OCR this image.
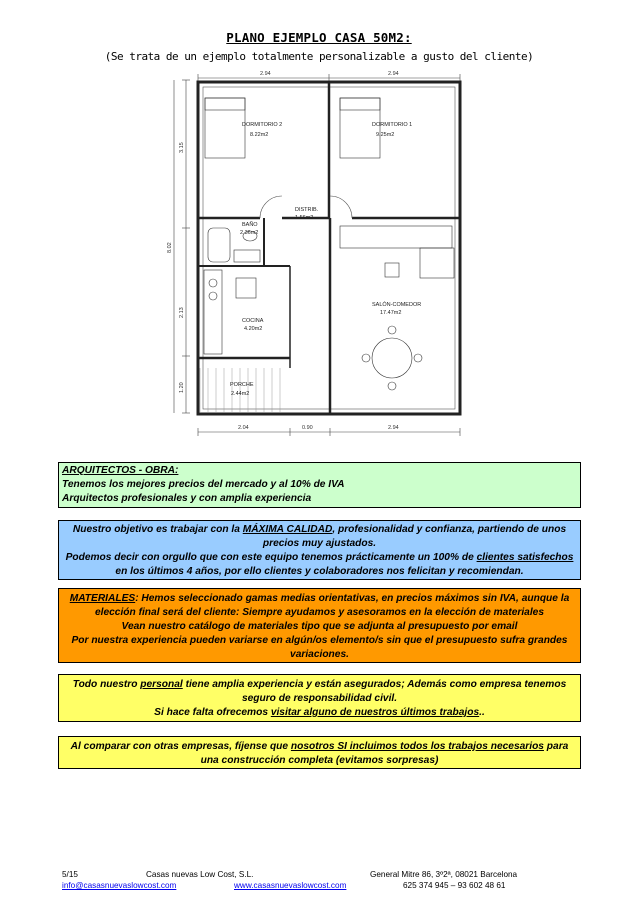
PLANO EJEMPLO CASA 50M2:
(Se trata de un ejemplo totalmente personalizable a gusto del cliente)
2.94	2.94
2.04	0.90	2.94
3.15
2.13
1.20
8.02
DORMITORIO 2
8.22m2
DORMITORIO 1
9.25m2
DISTRIB.
1.56m2
BAÑO
2.36m2
COCINA
4.20m2
SALÓN-COMEDOR
17.47m2
PORCHE
2.44m2

ARQUITECTOS - OBRA:

Tenemos los mejores precios del mercado y al 10% de IVA

Arquitectos profesionales y con amplia experiencia

Nuestro objetivo es trabajar con la MÁXIMA CALIDAD, profesionalidad y confianza, partiendo de unos precios muy ajustados.

Podemos decir con orgullo que con este equipo tenemos prácticamente un 100% de clientes satisfechos en los últimos 4 años, por ello clientes y colaboradores nos felicitan y recomiendan.

MATERIALES: Hemos seleccionado gamas medias orientativas, en precios máximos sin IVA, aunque la elección final será del cliente: Siempre ayudamos y asesoramos en la elección de materiales

Vean nuestro catálogo de materiales tipo que se adjunta al presupuesto por email

Por nuestra experiencia pueden variarse en algún/os elemento/s sin que el presupuesto sufra grandes variaciones.

Todo nuestro personal tiene amplia experiencia y están asegurados; Además como empresa tenemos seguro de responsabilidad civil.

Si hace falta ofrecemos visitar alguno de nuestros últimos trabajos..

Al comparar con otras empresas, fíjense que nosotros SI incluimos todos los trabajos necesarios para una construcción completa (evitamos sorpresas)

5/15	Casas nuevas Low Cost, S.L.	General Mitre 86, 3º2ª, 08021 Barcelona
info@casasnuevaslowcost.com	www.casasnuevaslowcost.com	625 374 945 – 93 602 48 61
